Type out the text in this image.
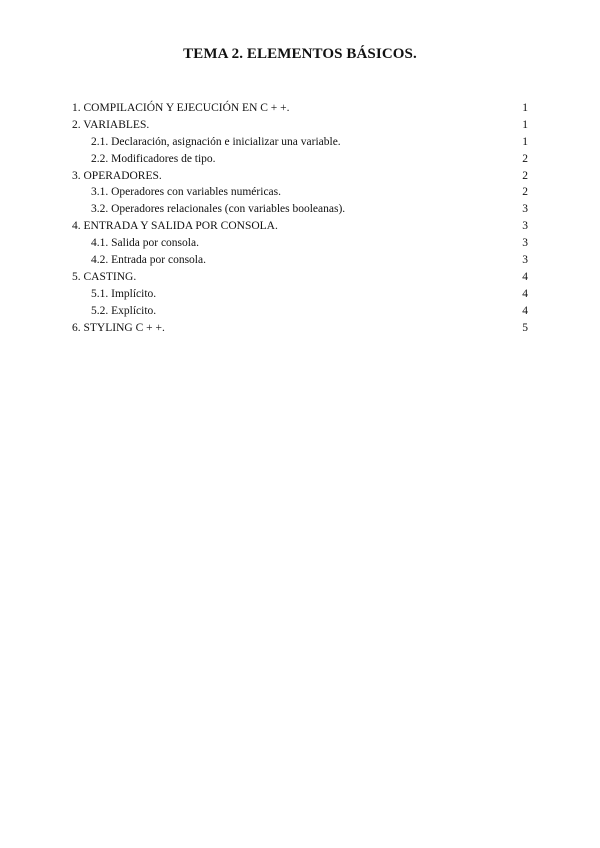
TEMA 2. ELEMENTOS BÁSICOS.
1. COMPILACIÓN Y EJECUCIÓN EN C + +.	1
2. VARIABLES.	1
2.1. Declaración, asignación e inicializar una variable.	1
2.2. Modificadores de tipo.	2
3. OPERADORES.	2
3.1. Operadores con variables numéricas.	2
3.2. Operadores relacionales (con variables booleanas).	3
4. ENTRADA Y SALIDA POR CONSOLA.	3
4.1. Salida por consola.	3
4.2. Entrada por consola.	3
5. CASTING.	4
5.1. Implícito.	4
5.2. Explícito.	4
6. STYLING C + +.	5
